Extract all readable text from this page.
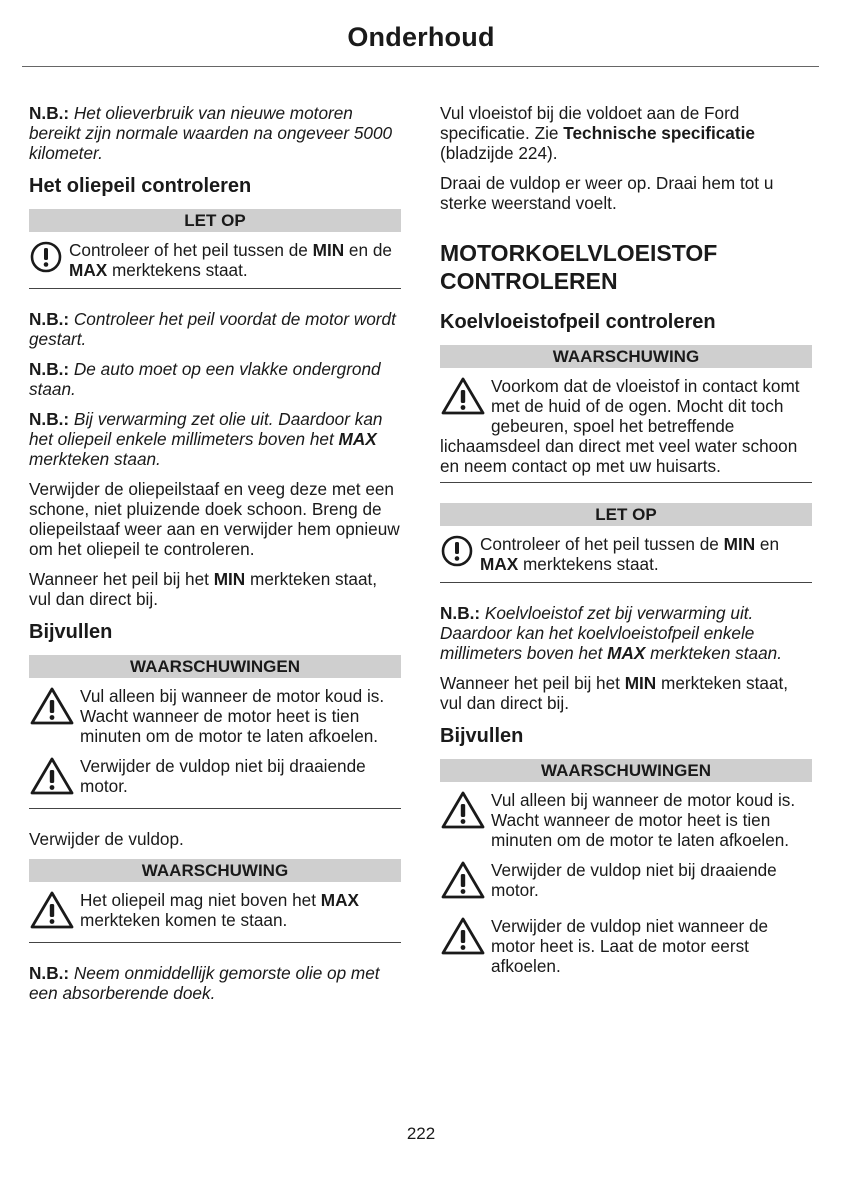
Onderhoud

N.B.: Het olieverbruik van nieuwe motoren bereikt zijn normale waarden na ongeveer 5000 kilometer.

Het oliepeil controleren
LET OP
Controleer of het peil tussen de MIN en de MAX merktekens staat.

N.B.: Controleer het peil voordat de motor wordt gestart.

N.B.: De auto moet op een vlakke ondergrond staan.

N.B.: Bij verwarming zet olie uit. Daardoor kan het oliepeil enkele millimeters boven het MAX merkteken staan.

Verwijder de oliepeilstaaf en veeg deze met een schone, niet pluizende doek schoon. Breng de oliepeilstaaf weer aan en verwijder hem opnieuw om het oliepeil te controleren.

Wanneer het peil bij het MIN merkteken staat, vul dan direct bij.

Bijvullen
WAARSCHUWINGEN
Vul alleen bij wanneer de motor koud is. Wacht wanneer de motor heet is tien minuten om de motor te laten afkoelen.
Verwijder de vuldop niet bij draaiende motor.

Verwijder de vuldop.

WAARSCHUWING
Het oliepeil mag niet boven het MAX merkteken komen te staan.

N.B.: Neem onmiddellijk gemorste olie op met een absorberende doek.

Vul vloeistof bij die voldoet aan de Ford specificatie. Zie Technische specificatie (bladzijde 224).

Draai de vuldop er weer op. Draai hem tot u sterke weerstand voelt.

MOTORKOELVLOEISTOF CONTROLEREN
Koelvloeistofpeil controleren
WAARSCHUWING
Voorkom dat de vloeistof in contact komt met de huid of de ogen. Mocht dit toch gebeuren, spoel het betreffende lichaamsdeel dan direct met veel water schoon en neem contact op met uw huisarts.
LET OP
Controleer of het peil tussen de MIN en MAX merktekens staat.

N.B.: Koelvloeistof zet bij verwarming uit. Daardoor kan het koelvloeistofpeil enkele millimeters boven het MAX merkteken staan.

Wanneer het peil bij het MIN merkteken staat, vul dan direct bij.

Bijvullen
WAARSCHUWINGEN
Vul alleen bij wanneer de motor koud is. Wacht wanneer de motor heet is tien minuten om de motor te laten afkoelen.
Verwijder de vuldop niet bij draaiende motor.
Verwijder de vuldop niet wanneer de motor heet is. Laat de motor eerst afkoelen.
222
